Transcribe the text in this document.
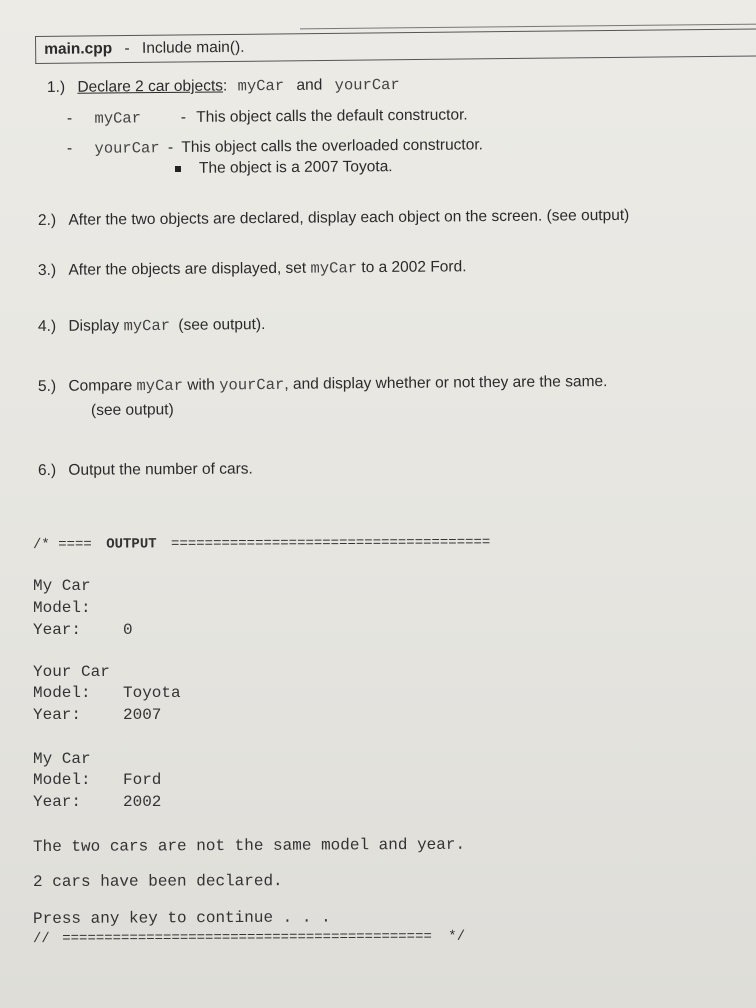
main.cpp - Include main().
1.) Declare 2 car objects: myCar and yourCar
- myCar	- This object calls the default constructor.
- yourCar - This object calls the overloaded constructor.
The object is a 2007 Toyota.
2.) After the two objects are declared, display each object on the screen. (see output)
3.) After the objects are displayed, set myCar to a 2002 Ford.
4.) Display myCar (see output).
5.) Compare myCar with yourCar, and display whether or not they are the same.
(see output)
6.) Output the number of cars.
/* ==== OUTPUT ======================================
My Car
Model:
Year:	0
Your Car
Model: Toyota
Year:	2007
My Car
Model: Ford
Year:	2002
The two cars are not the same model and year.
2 cars have been declared.
Press any key to continue . . .
// ============================================ */
